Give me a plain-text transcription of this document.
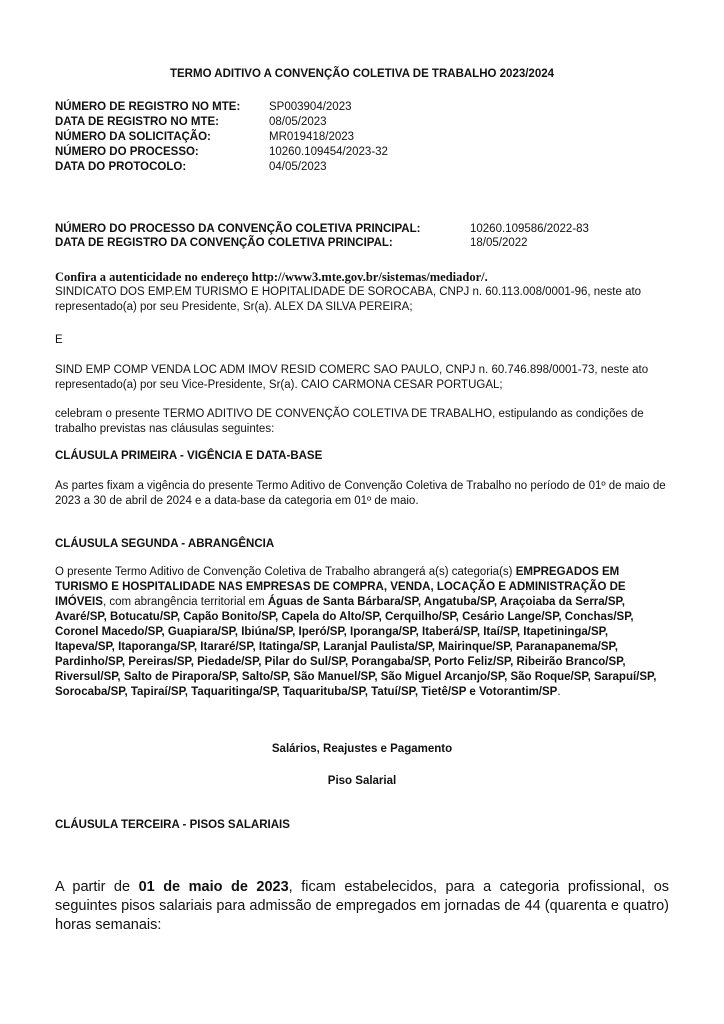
TERMO ADITIVO A CONVENÇÃO COLETIVA DE TRABALHO 2023/2024
NÚMERO DE REGISTRO NO MTE:	SP003904/2023
DATA DE REGISTRO NO MTE:	08/05/2023
NÚMERO DA SOLICITAÇÃO:	MR019418/2023
NÚMERO DO PROCESSO:	10260.109454/2023-32
DATA DO PROTOCOLO:	04/05/2023
NÚMERO DO PROCESSO DA CONVENÇÃO COLETIVA PRINCIPAL:	10260.109586/2022-83
DATA DE REGISTRO DA CONVENÇÃO COLETIVA PRINCIPAL:	18/05/2022
Confira a autenticidade no endereço http://www3.mte.gov.br/sistemas/mediador/.
SINDICATO DOS EMP.EM TURISMO E HOPITALIDADE DE SOROCABA, CNPJ n. 60.113.008/0001-96, neste ato representado(a) por seu Presidente, Sr(a). ALEX DA SILVA PEREIRA;
E
SIND EMP COMP VENDA LOC ADM IMOV RESID COMERC SAO PAULO, CNPJ n. 60.746.898/0001-73, neste ato representado(a) por seu Vice-Presidente, Sr(a). CAIO CARMONA CESAR PORTUGAL;
celebram o presente TERMO ADITIVO DE CONVENÇÃO COLETIVA DE TRABALHO, estipulando as condições de trabalho previstas nas cláusulas seguintes:
CLÁUSULA PRIMEIRA - VIGÊNCIA E DATA-BASE
As partes fixam a vigência do presente Termo Aditivo de Convenção Coletiva de Trabalho no período de 01º de maio de 2023 a 30 de abril de 2024 e a data-base da categoria em 01º de maio.
CLÁUSULA SEGUNDA - ABRANGÊNCIA
O presente Termo Aditivo de Convenção Coletiva de Trabalho abrangerá a(s) categoria(s) EMPREGADOS EM TURISMO E HOSPITALIDADE NAS EMPRESAS DE COMPRA, VENDA, LOCAÇÃO E ADMINISTRAÇÃO DE IMÓVEIS, com abrangência territorial em Águas de Santa Bárbara/SP, Angatuba/SP, Araçoiaba da Serra/SP, Avaré/SP, Botucatu/SP, Capão Bonito/SP, Capela do Alto/SP, Cerquilho/SP, Cesário Lange/SP, Conchas/SP, Coronel Macedo/SP, Guapiara/SP, Ibiúna/SP, Iperó/SP, Iporanga/SP, Itaberá/SP, Itaí/SP, Itapetininga/SP, Itapeva/SP, Itaporanga/SP, Itararé/SP, Itatinga/SP, Laranjal Paulista/SP, Mairinque/SP, Paranapanema/SP, Pardinho/SP, Pereiras/SP, Piedade/SP, Pilar do Sul/SP, Porangaba/SP, Porto Feliz/SP, Ribeirão Branco/SP, Riversul/SP, Salto de Pirapora/SP, Salto/SP, São Manuel/SP, São Miguel Arcanjo/SP, São Roque/SP, Sarapuí/SP, Sorocaba/SP, Tapiraí/SP, Taquaritinga/SP, Taquarituba/SP, Tatuí/SP, Tietê/SP e Votorantim/SP.
Salários, Reajustes e Pagamento
Piso Salarial
CLÁUSULA TERCEIRA - PISOS SALARIAIS
A partir de 01 de maio de 2023, ficam estabelecidos, para a categoria profissional, os seguintes pisos salariais para admissão de empregados em jornadas de 44 (quarenta e quatro) horas semanais:
